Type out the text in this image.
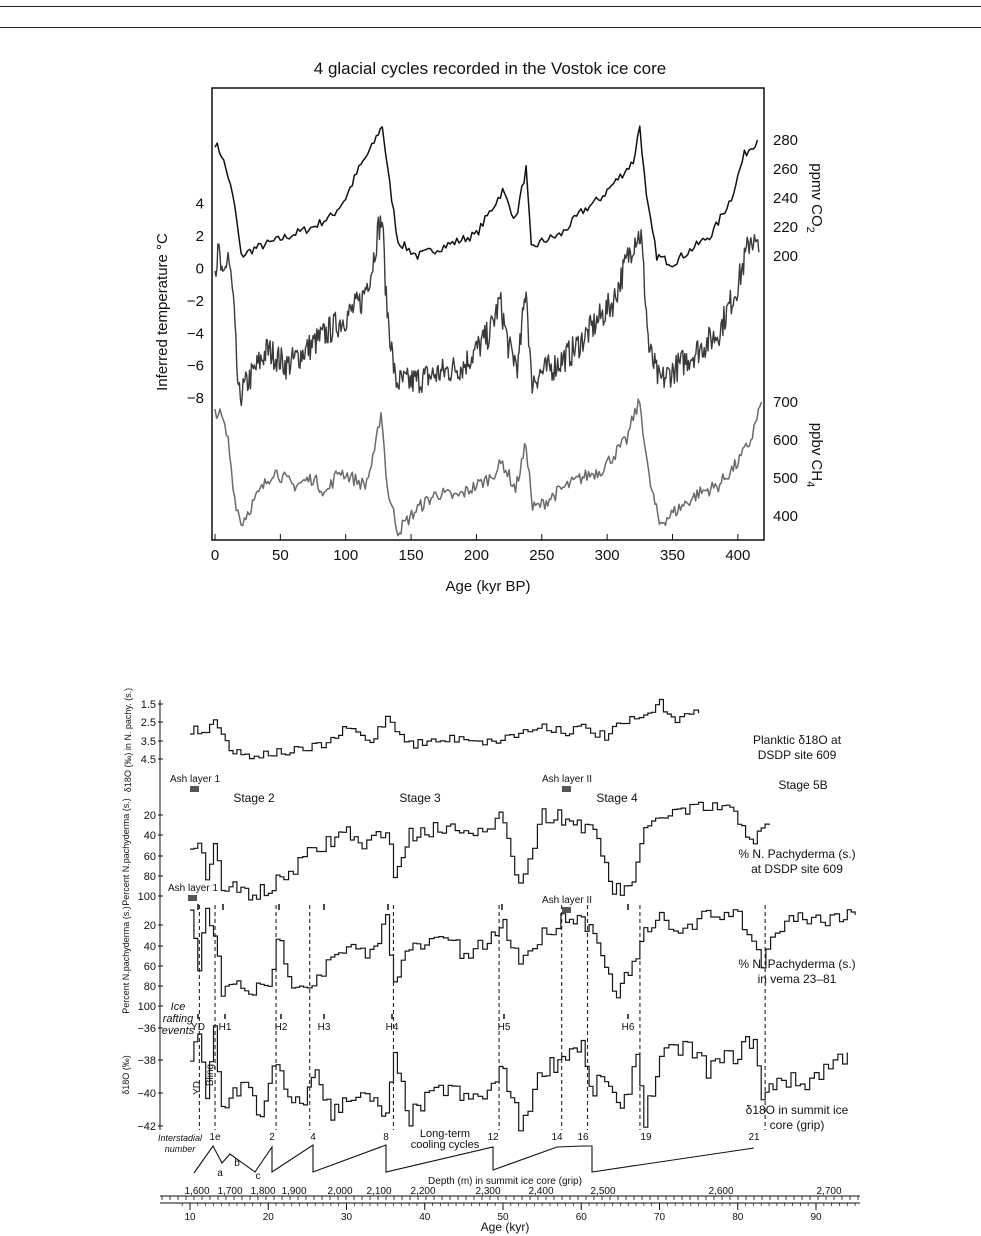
4 glacial cycles recorded in the Vostok ice core
Age (kyr BP)
Inferred temperature °C
ppmv $CO_2$
ppbv $CH_4$
0	50	100	150	200	250	300	350	400
4
2
0
−2
−4
−6
−8
280
260
240
220
200
700
600
500
400
1.5
2.5
3.5
4.5
δ18O (‰) in N. pachy. (s.)	Planktic δ18O at
DSDP site 609
20
40
60
80
100
Percent N.pachyderma (s.)	% N. Pachyderma (s.)
at DSDP site 609
20
40
60
80
100
Percent N.pachyderma (s.)	% N. Pachyderma (s.)
in vema 23–81
−36
−38
−40
−42
δ18O (‰)
δ18O in summit ice
core (grip)
Stage 2	Stage 3	Stage 4
Stage 5B
Ash layer 1	Ash layer II
Ash layer 1
Ash layer II
Ice
rafting
events
YD H1	H2	H3	H4	H5	H6
YD
Bling
Interstadial
number
1e	2	4	8	12	14 16	19	21
a
b
c
Long-term
cooling cycles
1,600 1,700 1,800 1,900 2,000 2,100 2,200	2,300	2,400	2,500	2,600	2,700
10	20	30	40	50	60	70	80	90
Age (kyr)
Depth (m) in summit ice core (grip)
